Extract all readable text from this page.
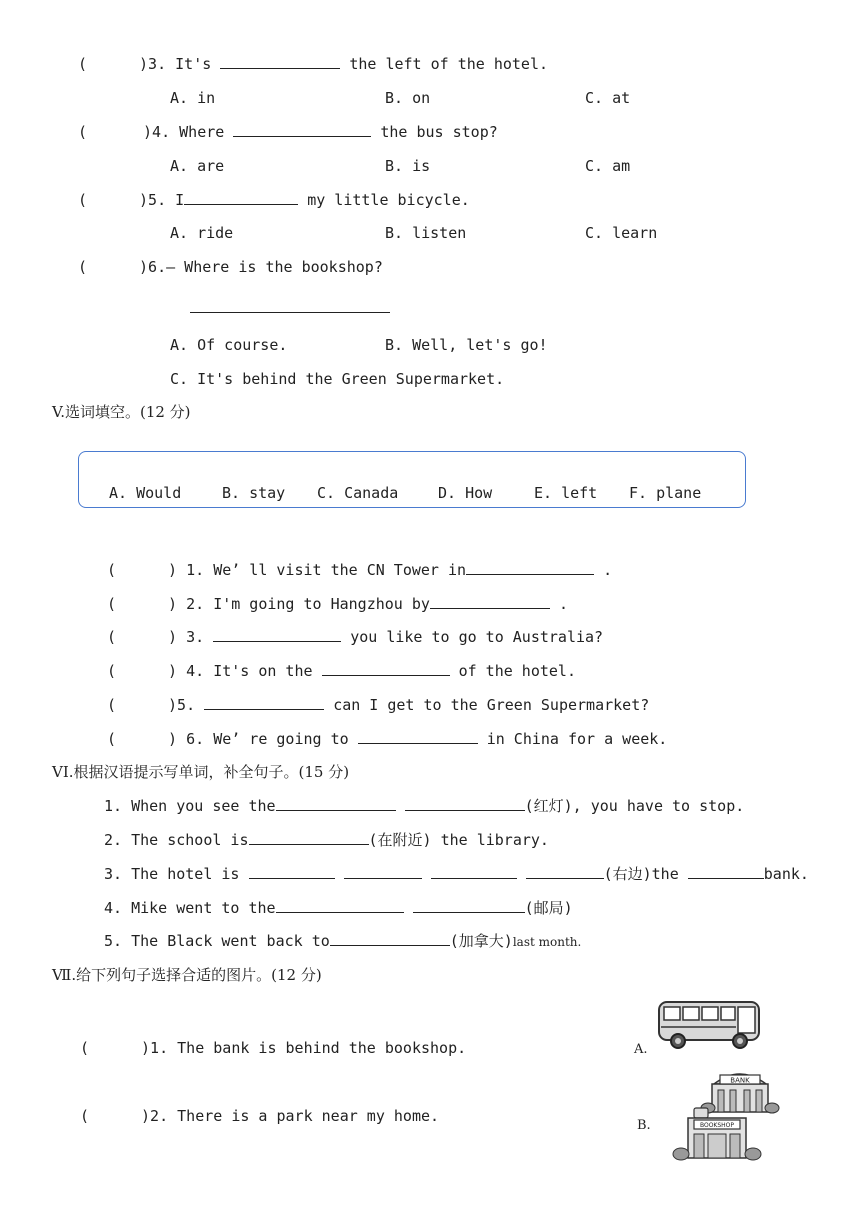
(	)3. It's	the left of the hotel.
A. in	B. on	C. at
(	)4. Where	the bus stop?
A. are	B. is	C. am
(	)5. I	my little bicycle.
A. ride	B. listen	C. learn
(	)6.— Where is the bookshop?
A. Of course.	B. Well, let's go!
C. It's behind the Green Supermarket.
V.选词填空。(12 分)
A. Would	B. stay C. Canada	D. How	E. left F. plane
(	) 1. We’ ll visit the CN Tower in	.
(	) 2. I'm going to Hangzhou by	.
(	) 3.	you like to go to Australia?
(	) 4. It's on the	of the hotel.
(	)5.	can I get to the Green Supermarket?
(	) 6. We’ re going to	in China for a week.
VI.根据汉语提示写单词，补全句子。(15 分)
1. When you see the	(红灯), you have to stop.
2. The school is	(在附近) the library.
3. The hotel is	(右边)the	bank.
4. Mike went to the	(邮局)
5. The Black went back to	(加拿大)last month.
Ⅶ.给下列句子选择合适的图片。(12 分)
(	)1. The bank is behind the bookshop.
(	)2. There is a park near my home.
A.
B.
BANK
BOOKSHOP
